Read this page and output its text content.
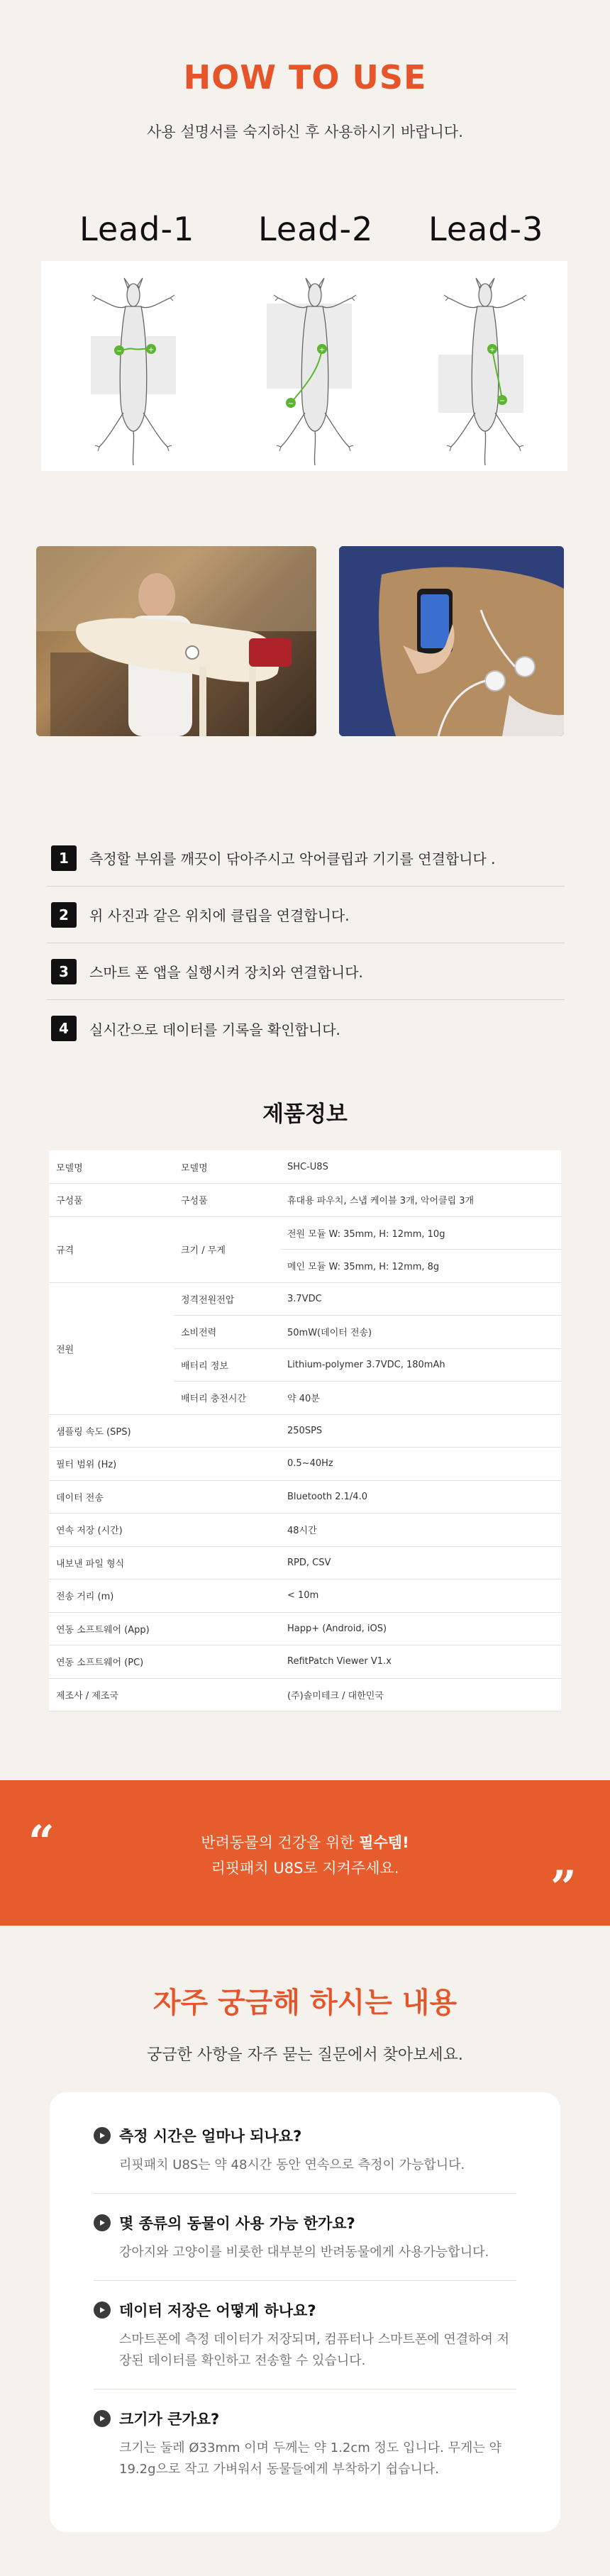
HOW TO USE

사용 설명서를 숙지하신 후 사용하시기 바랍니다.

Lead-1 Lead-2 Lead-3
−	+	+
−
+
−
1	측정할 부위를 깨끗이 닦아주시고 악어클립과 기기를 연결합니다 .
2	위 사진과 같은 위치에 클립을 연결합니다.
3	스마트 폰 앱을 실행시켜 장치와 연결합니다.
4	실시간으로 데이터를 기록을 확인합니다.
제품정보
모델명	모델명	SHC-U8S
구성품	구성품	휴대용 파우치, 스냅 케이블 3개, 악어클립 3개
규격	크기 / 무게	전원 모듈 W: 35mm, H: 12mm, 10g
		메인 모듈 W: 35mm, H: 12mm, 8g
전원	정격전원전압	3.7VDC
	소비전력	50mW(데이터 전송)
	배터리 정보	Lithium-polymer 3.7VDC, 180mAh
	배터리 충전시간	약 40분
샘플링 속도 (SPS)		250SPS
필터 범위 (Hz)		0.5~40Hz
데이터 전송		Bluetooth 2.1/4.0
연속 저장 (시간)		48시간
내보낸 파일 형식		RPD, CSV
전송 거리 (m)		< 10m
연동 소프트웨어 (App)		Happ+ (Android, iOS)
연동 소프트웨어 (PC)		RefitPatch Viewer V1.x
제조사 / 제조국		(주)솔미테크 / 대한민국
“	반려동물의 건강을 위한 필수템!

리핏패치 U8S로 지켜주세요.	”
자주 궁금해 하시는 내용

궁금한 사항을 자주 묻는 질문에서 찾아보세요.

측정 시간은 얼마나 되나요?

리핏패치 U8S는 약 48시간 동안 연속으로 측정이 가능합니다.

몇 종류의 동물이 사용 가능 한가요?

강아지와 고양이를 비롯한 대부분의 반려동물에게 사용가능합니다.

데이터 저장은 어떻게 하나요?

스마트폰에 측정 데이터가 저장되며, 컴퓨터나 스마트폰에 연결하여 저장된 데이터를 확인하고 전송할 수 있습니다.

크기가 큰가요?

크기는 둘레 Ø33mm 이며 두께는 약 1.2cm 정도 입니다. 무게는 약 19.2g으로 작고 가벼워서 동물들에게 부착하기 쉽습니다.
